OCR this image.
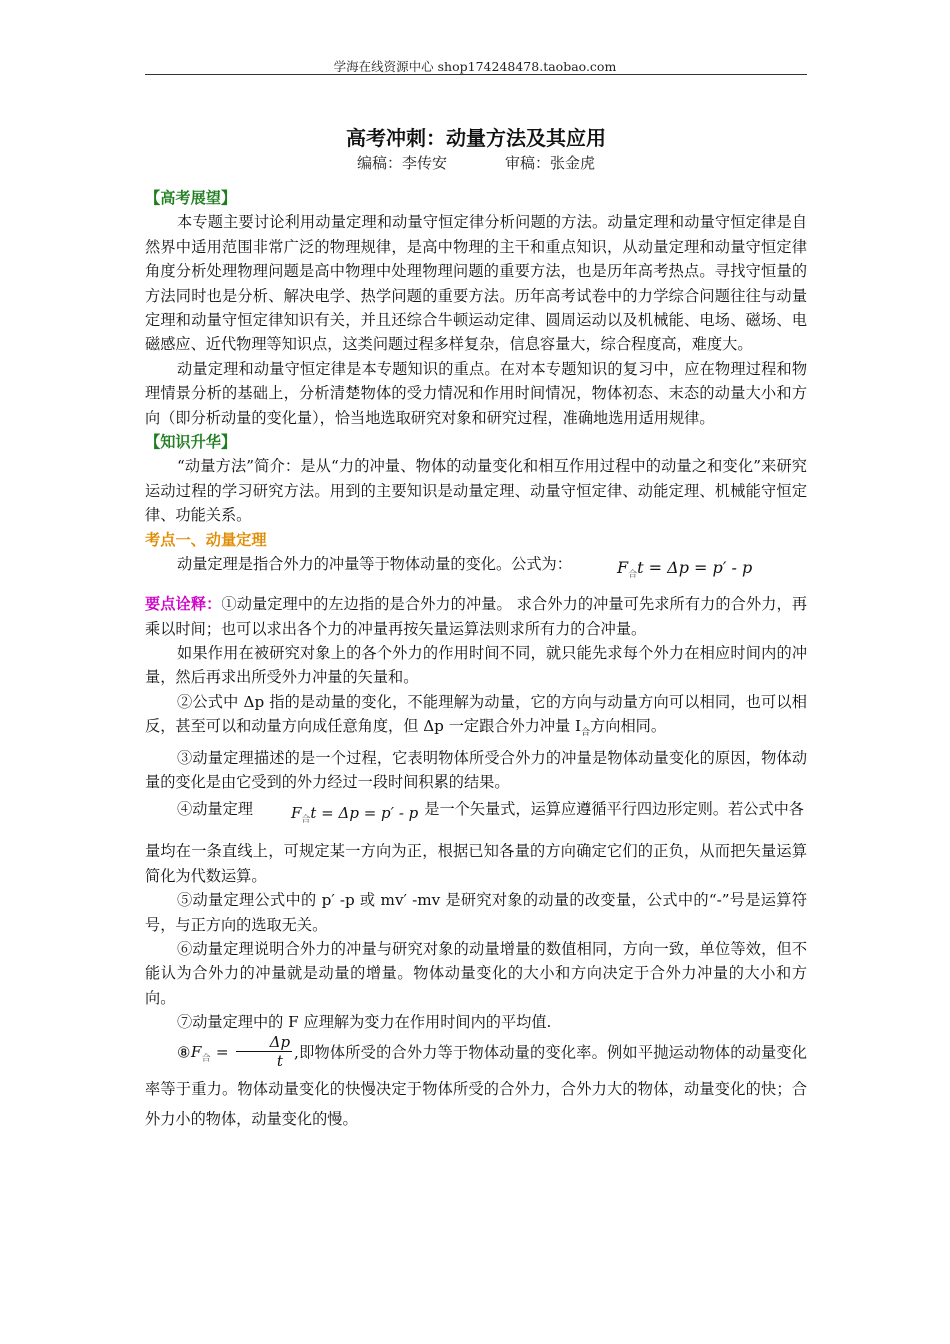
学海在线资源中心 shop174248478.taobao.com
高考冲刺：动量方法及其应用
编稿：李传安	审稿：张金虎

【高考展望】

本专题主要讨论利用动量定理和动量守恒定律分析问题的方法。动量定理和动量守恒定律是自然界中适用范围非常广泛的物理规律，是高中物理的主干和重点知识，从动量定理和动量守恒定律角度分析处理物理问题是高中物理中处理物理问题的重要方法，也是历年高考热点。寻找守恒量的方法同时也是分析、解决电学、热学问题的重要方法。历年高考试卷中的力学综合问题往往与动量定理和动量守恒定律知识有关，并且还综合牛顿运动定律、圆周运动以及机械能、电场、磁场、电磁感应、近代物理等知识点，这类问题过程多样复杂，信息容量大，综合程度高，难度大。

动量定理和动量守恒定律是本专题知识的重点。在对本专题知识的复习中，应在物理过程和物理情景分析的基础上，分析清楚物体的受力情况和作用时间情况，物体初态、末态的动量大小和方向（即分析动量的变化量），恰当地选取研究对象和研究过程，准确地选用适用规律。

【知识升华】

“动量方法”简介：是从“力的冲量、物体的动量变化和相互作用过程中的动量之和变化”来研究运动过程的学习研究方法。用到的主要知识是动量定理、动量守恒定律、动能定理、机械能守恒定律、功能关系。

考点一、动量定理

动量定理是指合外力的冲量等于物体动量的变化。公式为：	$F_合t = \Delta p = p' - p$

要点诠释：①动量定理中的左边指的是合外力的冲量。 求合外力的冲量可先求所有力的合外力，再乘以时间；也可以求出各个力的冲量再按矢量运算法则求所有力的合冲量。

如果作用在被研究对象上的各个外力的作用时间不同，就只能先求每个外力在相应时间内的冲量，然后再求出所受外力冲量的矢量和。

②公式中 Δp 指的是动量的变化，不能理解为动量，它的方向与动量方向可以相同，也可以相反，甚至可以和动量方向成任意角度，但 Δp 一定跟合外力冲量 $I_合$方向相同。

③动量定理描述的是一个过程，它表明物体所受合外力的冲量是物体动量变化的原因，物体动量的变化是由它受到的外力经过一段时间积累的结果。

④动量定理	$F_合t = \Delta p = p' - p$ 是一个矢量式，运算应遵循平行四边形定则。若公式中各

量均在一条直线上，可规定某一方向为正，根据已知各量的方向确定它们的正负，从而把矢量运算简化为代数运算。

⑤动量定理公式中的 p′ -p 或 mv′ -mv 是研究对象的动量的改变量，公式中的“-”号是运算符号，与正方向的选取无关。

⑥动量定理说明合外力的冲量与研究对象的动量增量的数值相同，方向一致，单位等效，但不能认为合外力的冲量就是动量的增量。物体动量变化的大小和方向决定于合外力冲量的大小和方向。

⑦动量定理中的 F 应理解为变力在作用时间内的平均值.

$⑧F_合 = \frac{\Delta p}{t}$ ,即物体所受的合外力等于物体动量的变化率。例如平抛运动物体的动量变化率等于重力。物体动量变化的快慢决定于物体所受的合外力，合外力大的物体，动量变化的快；合外力小的物体，动量变化的慢。
